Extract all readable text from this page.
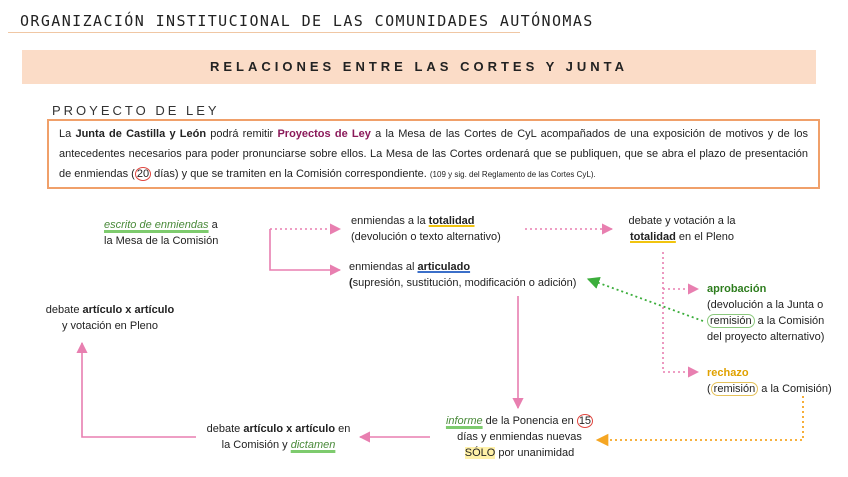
ORGANIZACIÓN INSTITUCIONAL DE LAS COMUNIDADES AUTÓNOMAS
RELACIONES ENTRE LAS CORTES Y JUNTA
PROYECTO DE LEY
La Junta de Castilla y León podrá remitir Proyectos de Ley a la Mesa de las Cortes de CyL acompañados de una exposición de motivos y de los antecedentes necesarios para poder pronunciarse sobre ellos. La Mesa de las Cortes ordenará que se publiquen, que se abra el plazo de presentación de enmiendas ( 20 días) y que se tramiten en la Comisión correspondiente. (109 y sig. del Reglamento de las Cortes CyL).
escrito de enmiendas a
la Mesa de la Comisión
enmiendas a la totalidad
(devolución o texto alternativo)
debate y votación a la
totalidad en el Pleno
enmiendas al articulado
(supresión, sustitución, modificación o adición)	aprobación
(devolución a la Junta o
remisión a la Comisión
del proyecto alternativo)
rechazo
( remisión a la Comisión)
informe de la Ponencia en 15
días y enmiendas nuevas
SÓLO por unanimidad
debate artículo x artículo en
la Comisión y dictamen
debate artículo x artículo
y votación en Pleno
